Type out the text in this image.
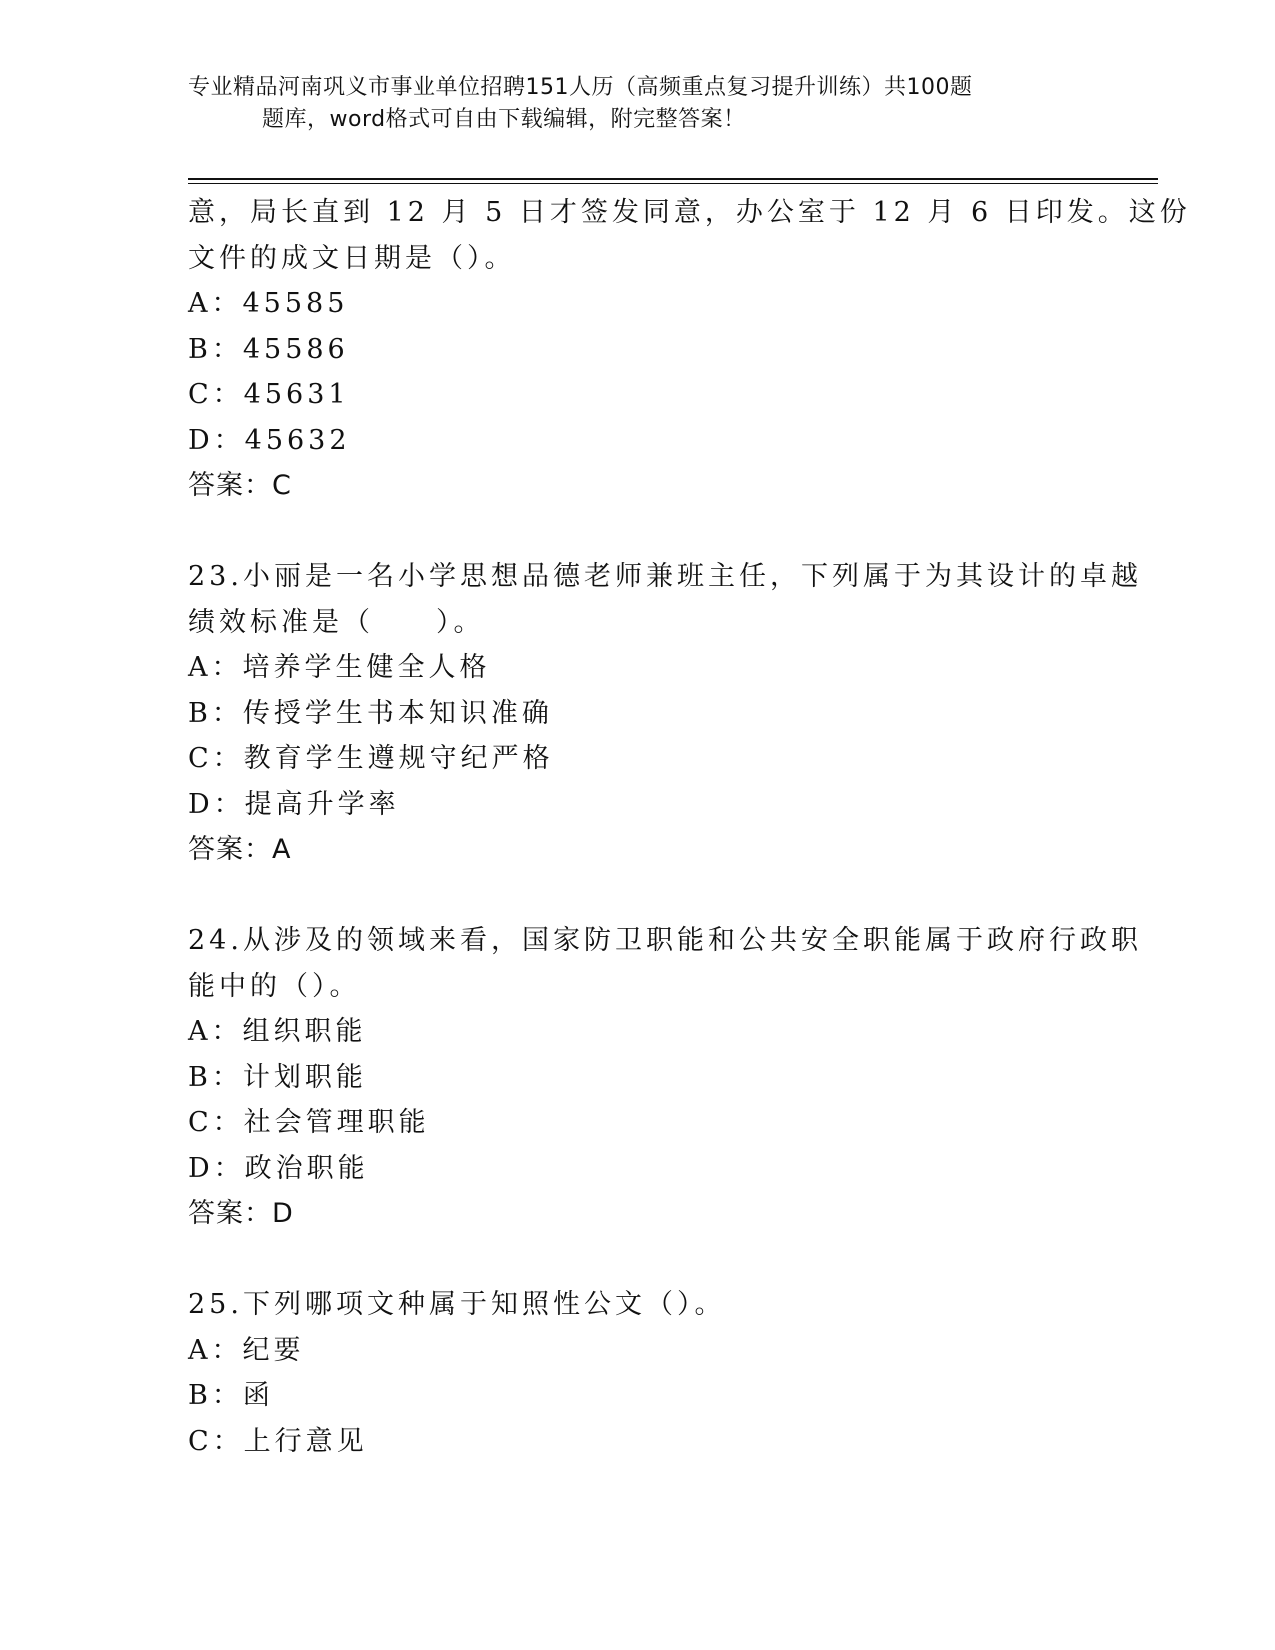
专业精品河南巩义市事业单位招聘151人历（高频重点复习提升训练）共100题
题库，word格式可自由下载编辑，附完整答案！
意，局长直到 12 月 5 日才签发同意，办公室于 12 月 6 日印发。这份
文件的成文日期是（）。
A：45585
B：45586
C：45631
D：45632
答案：C
23.小丽是一名小学思想品德老师兼班主任，下列属于为其设计的卓越
绩效标准是（　　）。
A：培养学生健全人格
B：传授学生书本知识准确
C：教育学生遵规守纪严格
D：提高升学率
答案：A
24.从涉及的领域来看，国家防卫职能和公共安全职能属于政府行政职
能中的（）。
A：组织职能
B：计划职能
C：社会管理职能
D：政治职能
答案：D
25.下列哪项文种属于知照性公文（）。
A：纪要
B：函
C：上行意见
